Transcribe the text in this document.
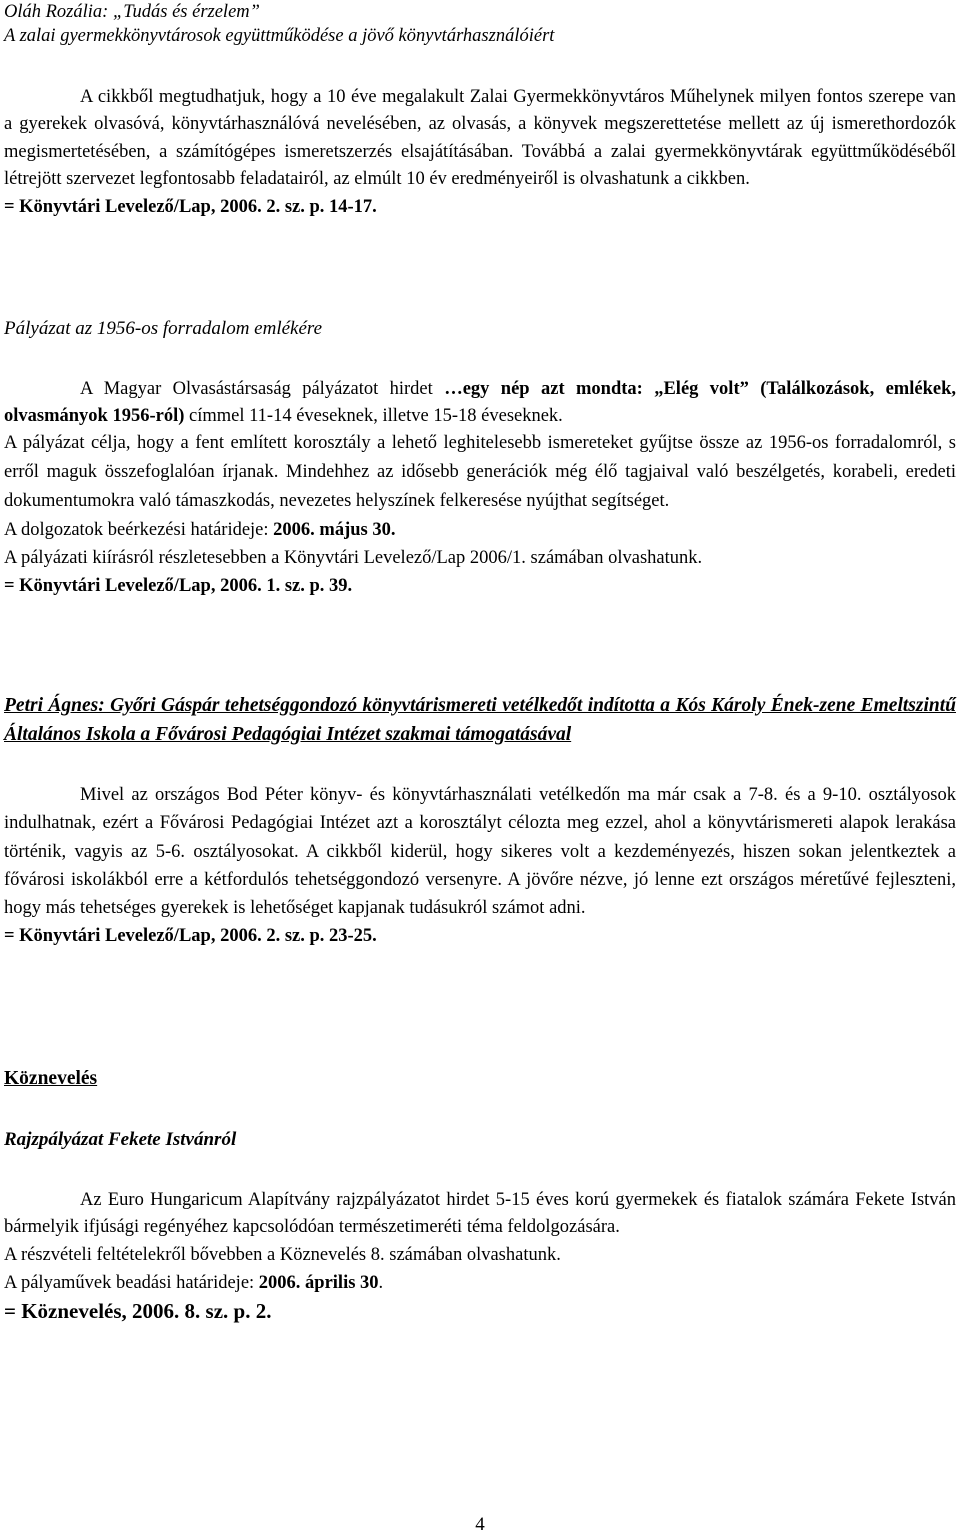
Oláh Rozália: „Tudás és érzelem”

A zalai gyermekkönyvtárosok együttműködése a jövő könyvtárhasználóiért

A cikkből megtudhatjuk, hogy a 10 éve megalakult Zalai Gyermekkönyvtáros Műhelynek milyen fontos szerepe van a gyerekek olvasóvá, könyvtárhasználóvá nevelésében, az olvasás, a könyvek megszerettetése mellett az új ismerethordozók megismertetésében, a számítógépes ismeretszerzés elsajátításában. Továbbá a zalai gyermekkönyvtárak együttműködéséből létrejött szervezet legfontosabb feladatairól, az elmúlt 10 év eredményeiről is olvashatunk a cikkben.

= Könyvtári Levelező/Lap, 2006. 2. sz. p. 14-17.

Pályázat az 1956-os forradalom emlékére

A Magyar Olvasástársaság pályázatot hirdet …egy nép azt mondta: „Elég volt” (Találkozások, emlékek, olvasmányok 1956-ról) címmel 11-14 éveseknek, illetve 15-18 éveseknek.

A pályázat célja, hogy a fent említett korosztály a lehető leghitelesebb ismereteket gyűjtse össze az 1956-os forradalomról, s erről maguk összefoglalóan írjanak. Mindehhez az idősebb generációk még élő tagjaival való beszélgetés, korabeli, eredeti dokumentumokra való támaszkodás, nevezetes helyszínek felkeresése nyújthat segítséget.

A dolgozatok beérkezési határideje: 2006. május 30.

A pályázati kiírásról részletesebben a Könyvtári Levelező/Lap 2006/1. számában olvashatunk.

= Könyvtári Levelező/Lap, 2006. 1. sz. p. 39.

Petri Ágnes: Győri Gáspár tehetséggondozó könyvtárismereti vetélkedőt indította a Kós Károly Ének-zene Emeltszintű Általános Iskola a Fővárosi Pedagógiai Intézet szakmai támogatásával

Mivel az országos Bod Péter könyv- és könyvtárhasználati vetélkedőn ma már csak a 7-8. és a 9-10. osztályosok indulhatnak, ezért a Fővárosi Pedagógiai Intézet azt a korosztályt célozta meg ezzel, ahol a könyvtárismereti alapok lerakása történik, vagyis az 5-6. osztályosokat. A cikkből kiderül, hogy sikeres volt a kezdeményezés, hiszen sokan jelentkeztek a fővárosi iskolákból erre a kétfordulós tehetséggondozó versenyre. A jövőre nézve, jó lenne ezt országos méretűvé fejleszteni, hogy más tehetséges gyerekek is lehetőséget kapjanak tudásukról számot adni.

= Könyvtári Levelező/Lap, 2006. 2. sz. p. 23-25.

Köznevelés

Rajzpályázat Fekete Istvánról

Az Euro Hungaricum Alapítvány rajzpályázatot hirdet 5-15 éves korú gyermekek és fiatalok számára Fekete István bármelyik ifjúsági regényéhez kapcsolódóan természetimeréti téma feldolgozására.

A részvételi feltételekről bővebben a Köznevelés 8. számában olvashatunk.

A pályaművek beadási határideje: 2006. április 30.

= Köznevelés, 2006. 8. sz. p. 2.

4
